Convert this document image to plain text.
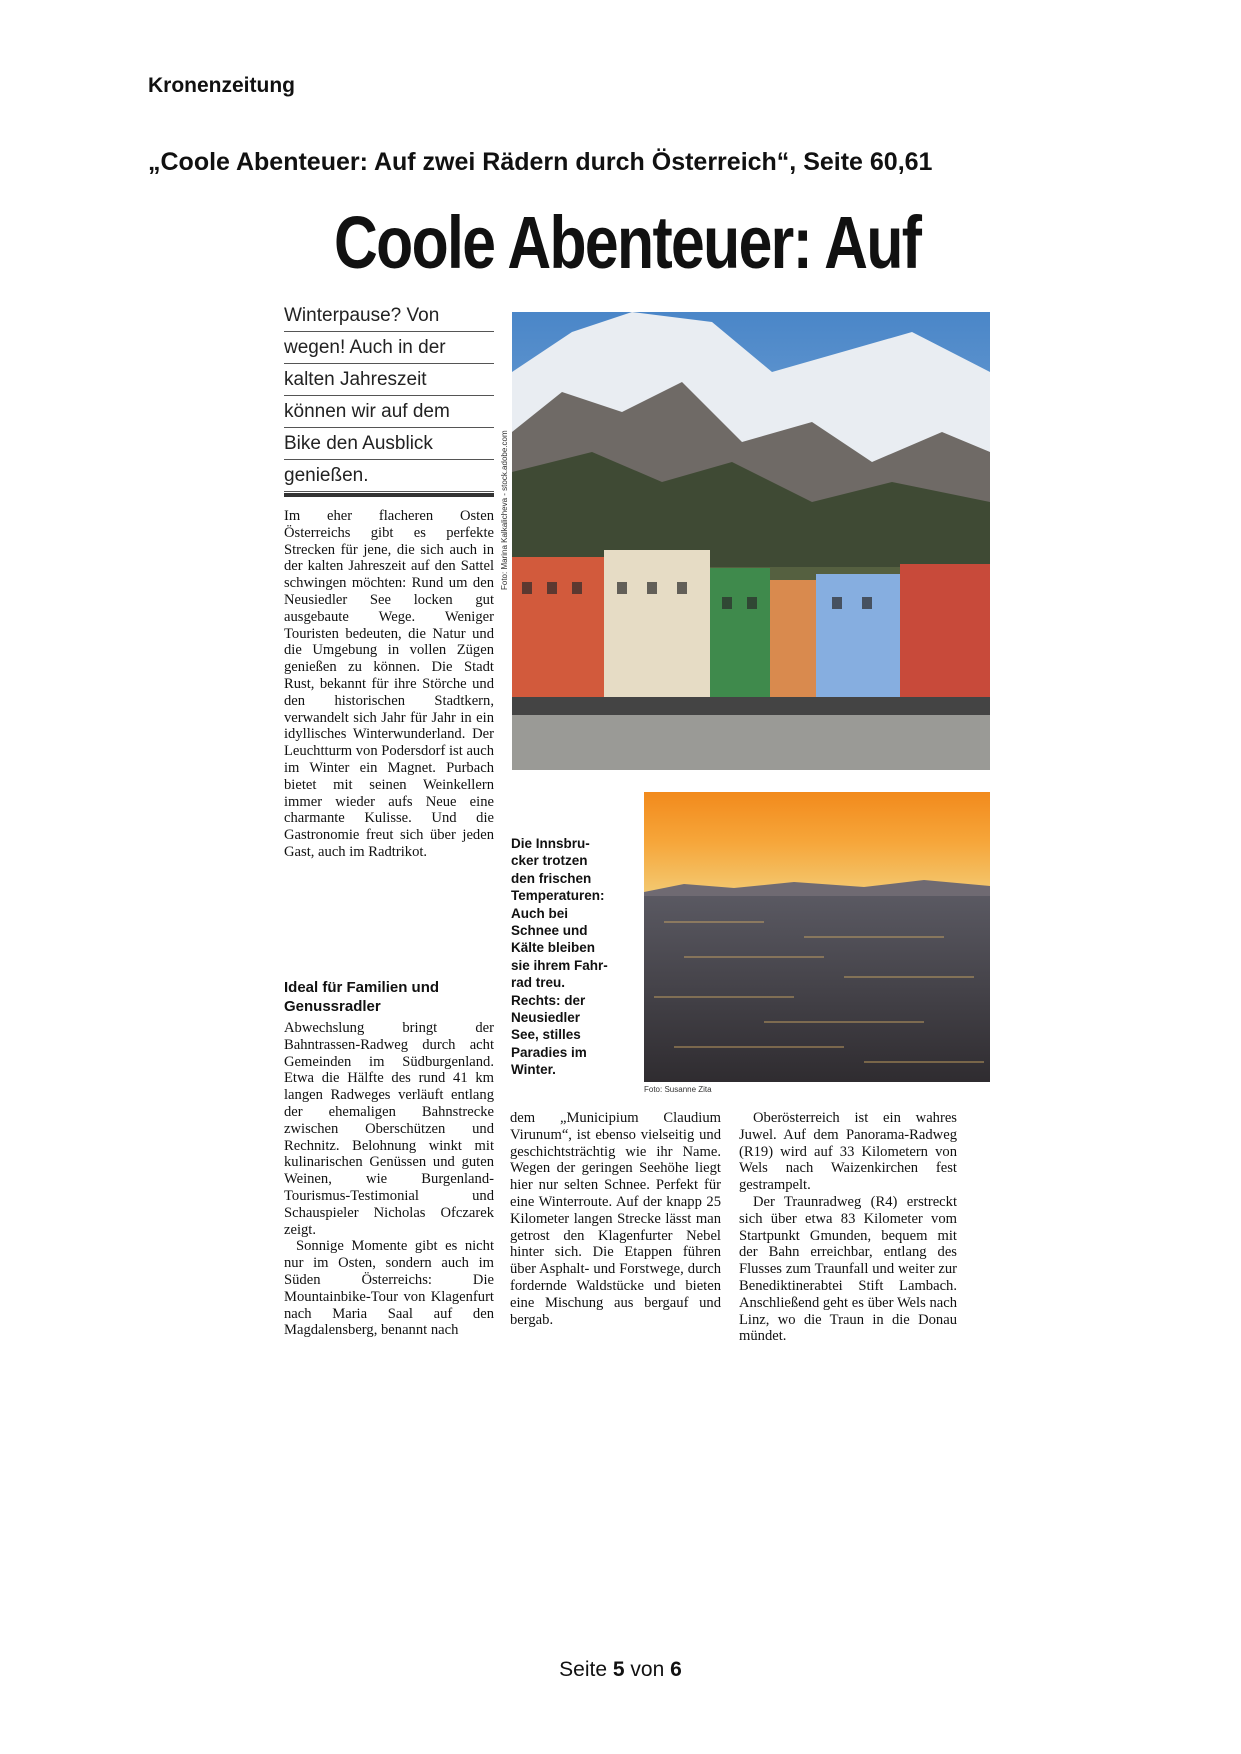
Kronenzeitung
„Coole Abenteuer: Auf zwei Rädern durch Österreich“, Seite 60,61
Coole Abenteuer: Auf
Winterpause? Von
wegen! Auch in der
kalten Jahreszeit
können wir auf dem
Bike den Ausblick
genießen.

Im eher flacheren Osten Österreichs gibt es perfekte Strecken für jene, die sich auch in der kalten Jahreszeit auf den Sattel schwingen möchten: Rund um den Neusiedler See locken gut ausgebaute Wege. Weniger Touristen bedeuten, die Natur und die Umgebung in vollen Zügen genießen zu können. Die Stadt Rust, bekannt für ihre Störche und den historischen Stadtkern, verwandelt sich Jahr für Jahr in ein idyllisches Winterwunderland. Der Leuchtturm von Podersdorf ist auch im Winter ein Magnet. Purbach bietet mit seinen Weinkellern immer wieder aufs Neue eine charmante Kulisse. Und die Gastronomie freut sich über jeden Gast, auch im Radtrikot.

Ideal für Familien und Genussradler

Abwechslung bringt der Bahntrassen-Radweg durch acht Gemeinden im Südburgenland. Etwa die Hälfte des rund 41 km langen Radweges verläuft entlang der ehemaligen Bahnstrecke zwischen Oberschützen und Rechnitz. Belohnung winkt mit kulinarischen Genüssen und guten Weinen, wie Burgenland-Tourismus-Testimonial und Schauspieler Nicholas Ofczarek zeigt.

Sonnige Momente gibt es nicht nur im Osten, sondern auch im Süden Österreichs: Die Mountainbike-Tour von Klagenfurt nach Maria Saal auf den Magdalensberg, benannt nach

Foto: Marina Kalkalicheva - stock.adobe.com
Foto: Susanne Zita
Die Innsbru-
cker trotzen
den frischen
Temperaturen:
Auch bei
Schnee und
Kälte bleiben
sie ihrem Fahr-
rad treu.
Rechts: der
Neusiedler
See, stilles
Paradies im
Winter.

dem „Municipium Claudium Virunum“, ist ebenso vielseitig und geschichtsträchtig wie ihr Name. Wegen der geringen Seehöhe liegt hier nur selten Schnee. Perfekt für eine Winterroute. Auf der knapp 25 Kilometer langen Strecke lässt man getrost den Klagenfurter Nebel hinter sich. Die Etappen führen über Asphalt- und Forstwege, durch fordernde Waldstücke und bieten eine Mischung aus bergauf und bergab.

Oberösterreich ist ein wahres Juwel. Auf dem Panorama-Radweg (R19) wird auf 33 Kilometern von Wels nach Waizenkirchen fest gestrampelt.

Der Traunradweg (R4) erstreckt sich über etwa 83 Kilometer vom Startpunkt Gmunden, bequem mit der Bahn erreichbar, entlang des Flusses zum Traunfall und weiter zur Benediktinerabtei Stift Lambach. Anschließend geht es über Wels nach Linz, wo die Traun in die Donau mündet.

Seite 5 von 6
